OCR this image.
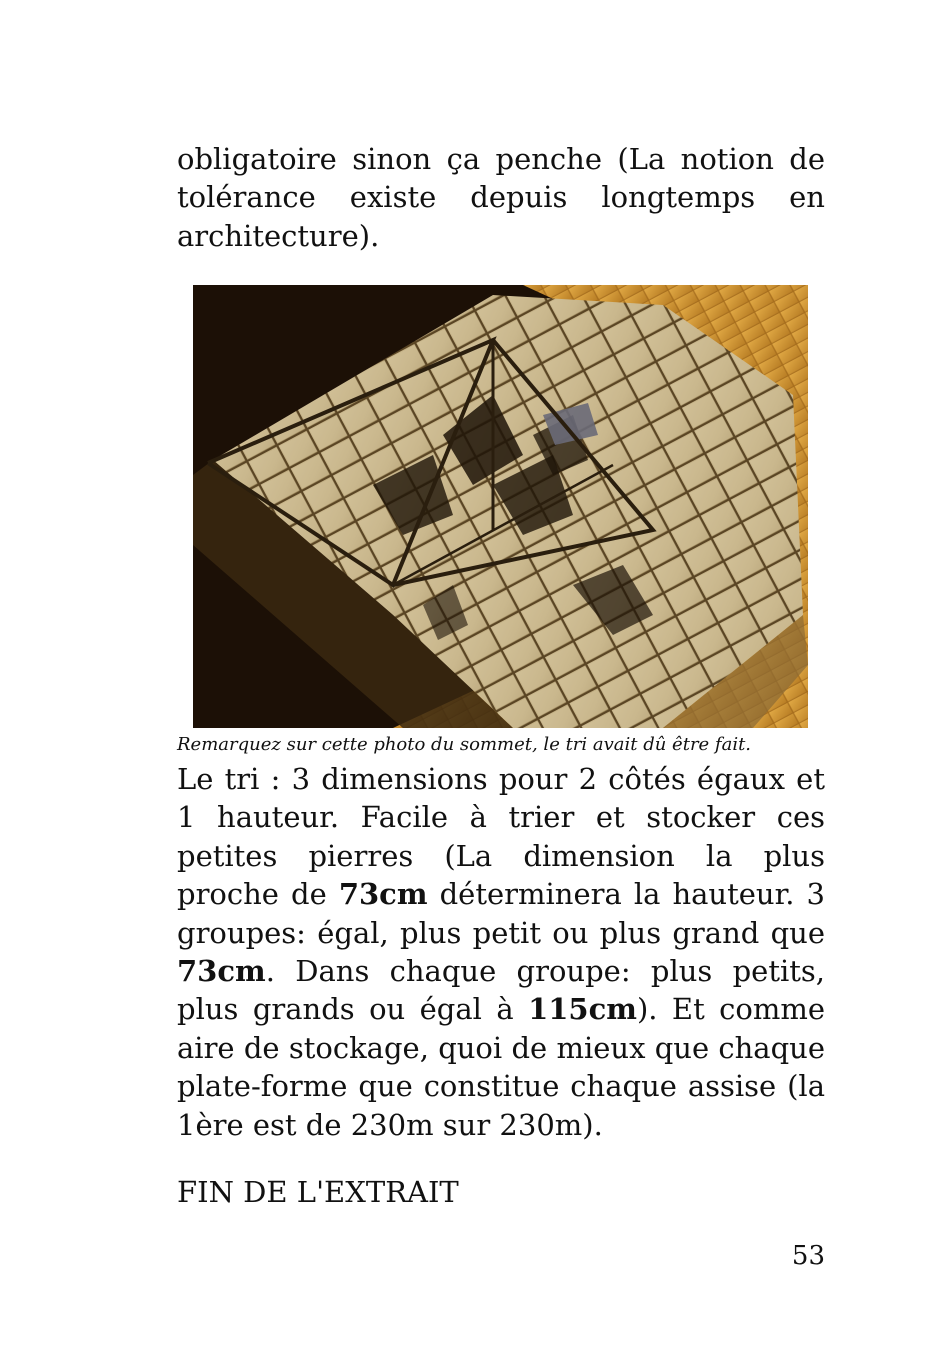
obligatoire sinon ça penche (La notion de tolérance existe depuis longtemps en architecture).

Remarquez sur cette photo du sommet, le tri avait dû être fait.

Le tri : 3 dimensions pour 2 côtés égaux et 1 hauteur. Facile à trier et stocker ces petites pierres (La dimension la plus proche de 73cm déterminera la hauteur. 3 groupes: égal, plus petit ou plus grand que 73cm. Dans chaque groupe: plus petits, plus grands ou égal à 115cm). Et comme aire de stockage, quoi de mieux que chaque plate-forme que constitue chaque assise (la 1ère est de 230m sur 230m).

FIN DE L'EXTRAIT

53
